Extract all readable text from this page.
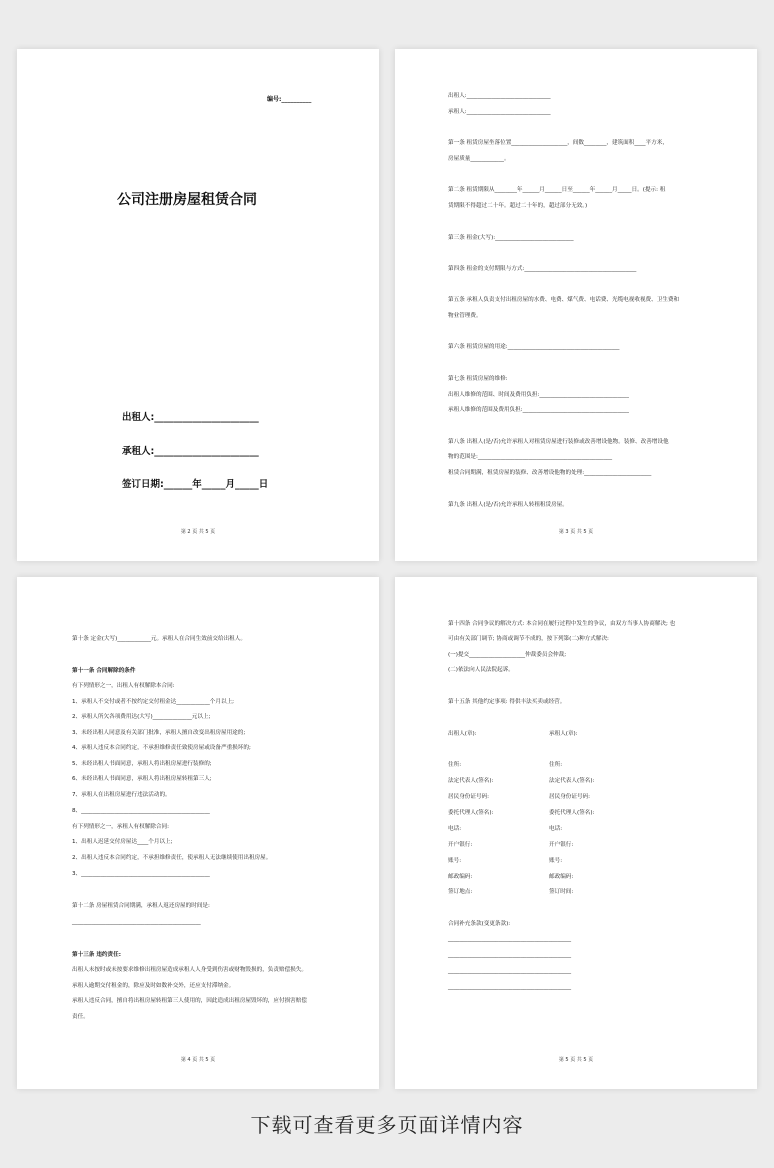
编号:__________
公司注册房屋租赁合同
出租人:______________________
承租人:______________________
签订日期:______年_____月_____日
第 2 页 共 5 页
出租人:______________________________
承租人:______________________________
第一条 租赁房屋坐落位置____________________，间数________，建筑面积____平方米，
房屋质量____________。
第二条 租赁期限从________年______月______日至______年______月_____日。(提示: 租
赁期限不得超过二十年。超过二十年的，超过部分无效。)
第三条 租金(大写):____________________________
第四条 租金的支付期限与方式:________________________________________
第五条 承租人负责支付出租房屋的水费、电费、煤气费、电话费、光缆电视收视费、卫生费和
物业管理费。
第六条 租赁房屋的用途:________________________________________
第七条 租赁房屋的维修:
出租人维修的范围、时间及费用负担:________________________________
承租人维修的范围及费用负担:______________________________________
第八条 出租人(是/否)允许承租人对租赁房屋进行装修或改善增设他物。装修、改善增设他
物的范围是:________________________________________________
租赁合同期满，租赁房屋的装修、改善增设他物的处理:________________________
第九条 出租人(是/否)允许承租人转租租赁房屋。
第 3 页 共 5 页
第十条 定金(大写)____________元。承租人在合同生效前交给出租人。
第十一条 合同解除的条件
有下列情形之一，出租人有权解除本合同:
1、承租人不交付或者不按约定交付租金达____________个月以上;
2、承租人所欠各项费用达(大写)______________元以上;
3、未经出租人同意及有关部门批准，承租人擅自改变出租房屋用途的;
4、承租人违反本合同约定，不承担维修责任致使房屋或设备严重损坏的;
5、未经出租人书面同意，承租人将出租房屋进行装修的;
6、未经出租人书面同意，承租人将出租房屋转租第三人;
7、承租人在出租房屋进行违法活动的。
8、______________________________________________
有下列情形之一，承租人有权解除合同:
1、出租人迟延交付房屋达____个月以上;
2、出租人违反本合同约定，不承担维修责任，使承租人无法继续使用出租房屋。
3、______________________________________________
第十二条 房屋租赁合同期满，承租人返还房屋的时间是:
______________________________________________
第十三条 违约责任:
出租人未按时或未按要求维修出租房屋造成承租人人身受到伤害或财物毁损的，负责赔偿损失。
承租人逾期交付租金的，除应及时如数补交外，还应支付滞纳金。
承租人违反合同，擅自将出租房屋转租第三人使用的，因此造成出租房屋毁坏的，应付损害赔偿
责任。
第 4 页 共 5 页
第十四条 合同争议的解决方式: 本合同在履行过程中发生的争议，由双方当事人协商解决; 也
可由有关部门调节; 协商或调节不成的，按下列第(二)种方式解决:
(一)提交____________________仲裁委员会仲裁;
(二)依法向人民法院起诉。
第十五条 其他约定事项: 得供丰法买卖或经营。
出租人(章):
住所:
法定代表人(签名):
居民身份证号码:
委托代理人(签名):
电话:
开户银行:
账号:
邮政编码:
签订地点:
承租人(章):
住所:
法定代表人(签名):
居民身份证号码:
委托代理人(签名):
电话:
开户银行:
账号:
邮政编码:
签订时间:
合同补充条款(变更条款):
____________________________________________
____________________________________________
____________________________________________
____________________________________________
第 5 页 共 5 页
下载可查看更多页面详情内容
